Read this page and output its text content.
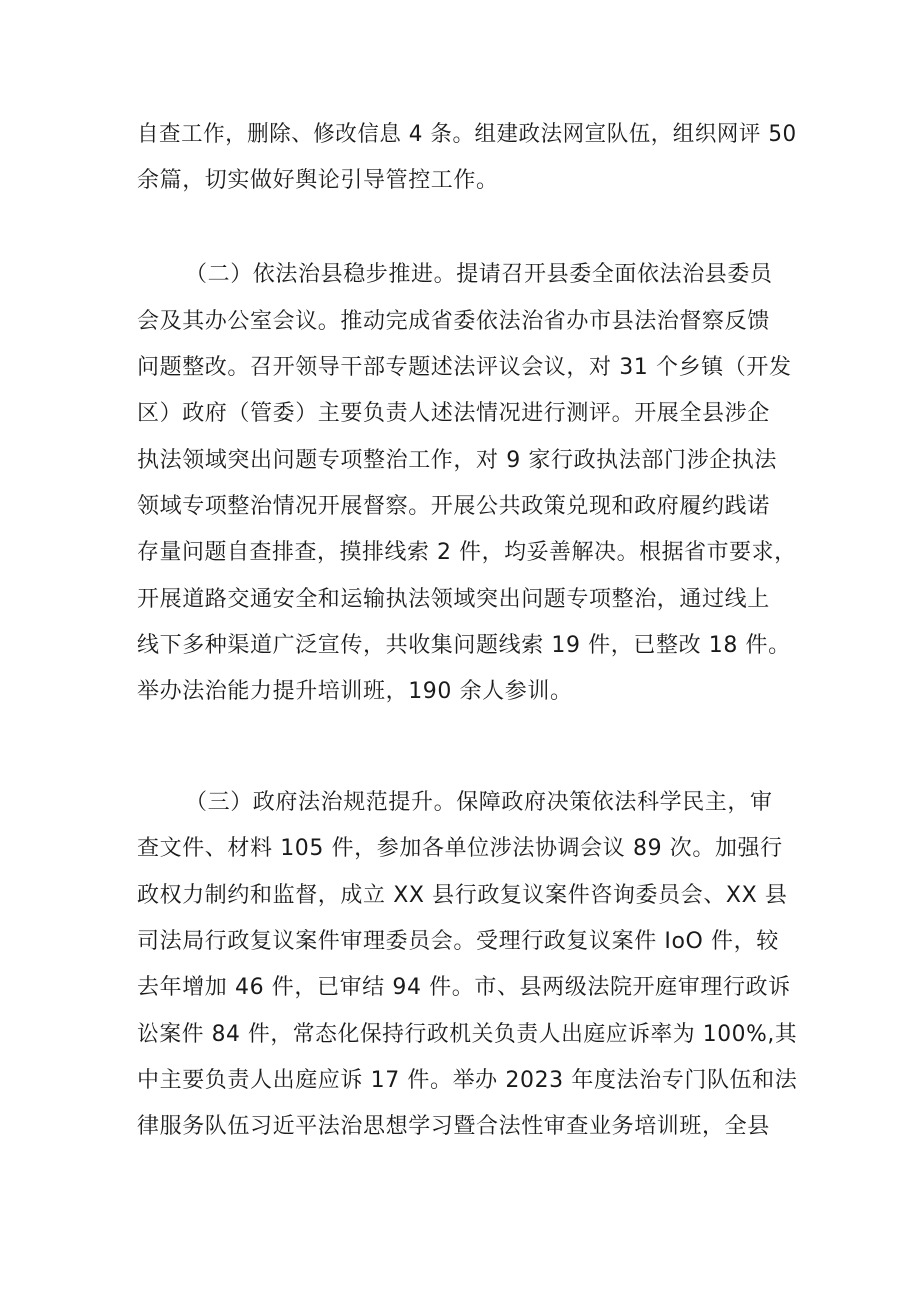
自查工作，删除、修改信息 4 条。组建政法网宣队伍，组织网评 50
余篇，切实做好舆论引导管控工作。
（二）依法治县稳步推进。提请召开县委全面依法治县委员
会及其办公室会议。推动完成省委依法治省办市县法治督察反馈
问题整改。召开领导干部专题述法评议会议，对 31 个乡镇（开发
区）政府（管委）主要负责人述法情况进行测评。开展全县涉企
执法领域突出问题专项整治工作，对 9 家行政执法部门涉企执法
领域专项整治情况开展督察。开展公共政策兑现和政府履约践诺
存量问题自查排查，摸排线索 2 件，均妥善解决。根据省市要求，
开展道路交通安全和运输执法领域突出问题专项整治，通过线上
线下多种渠道广泛宣传，共收集问题线索 19 件，已整改 18 件。
举办法治能力提升培训班，190 余人参训。
（三）政府法治规范提升。保障政府决策依法科学民主，审
查文件、材料 105 件，参加各单位涉法协调会议 89 次。加强行
政权力制约和监督，成立 XX 县行政复议案件咨询委员会、XX 县
司法局行政复议案件审理委员会。受理行政复议案件 IoO 件，较
去年增加 46 件，已审结 94 件。市、县两级法院开庭审理行政诉
讼案件 84 件，常态化保持行政机关负责人出庭应诉率为 100%,其
中主要负责人出庭应诉 17 件。举办 2023 年度法治专门队伍和法
律服务队伍习近平法治思想学习暨合法性审查业务培训班，全县
